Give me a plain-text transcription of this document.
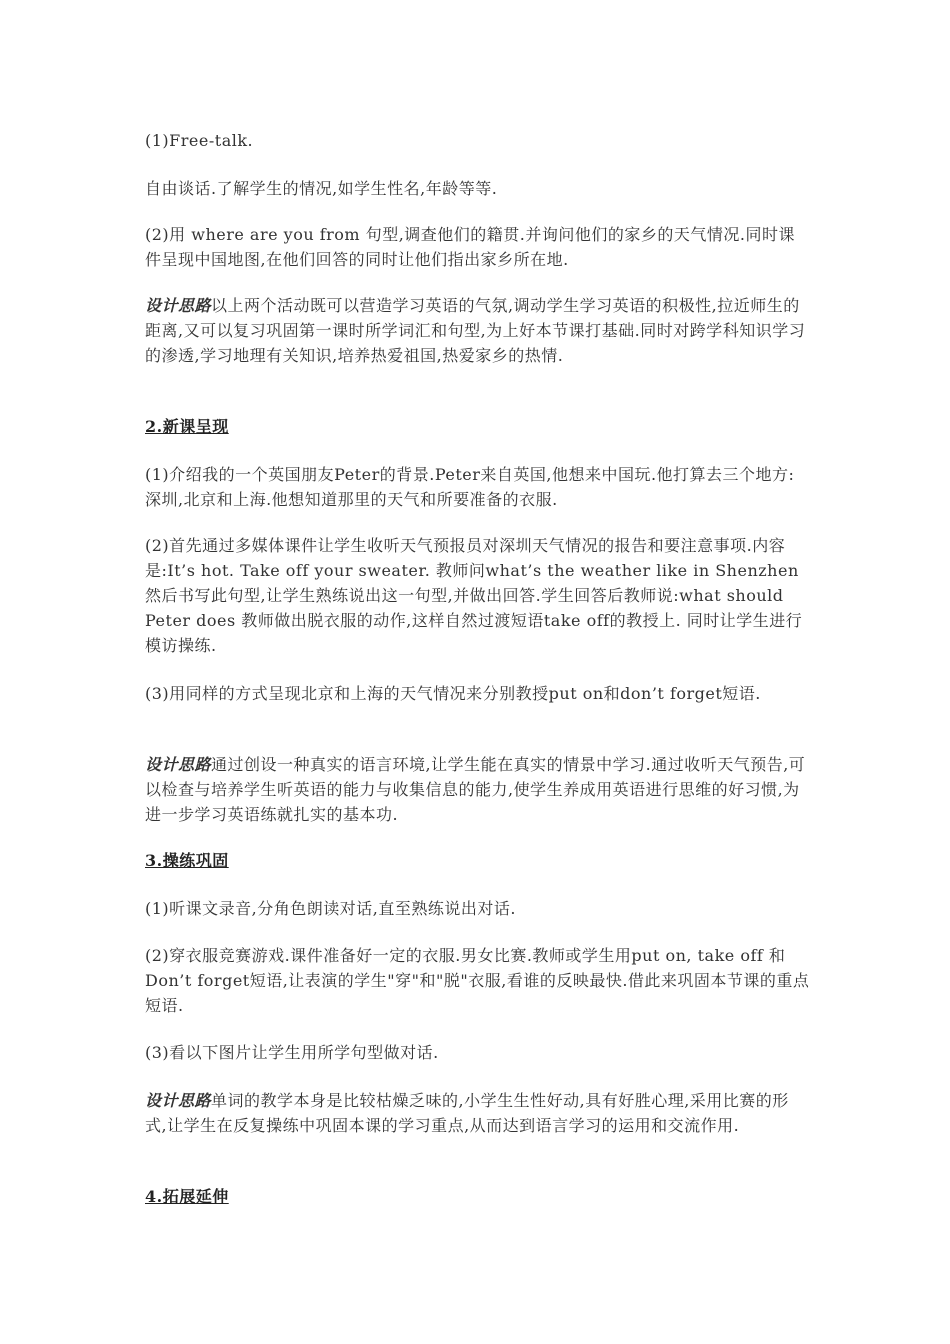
(1)Free-talk.

自由谈话.了解学生的情况,如学生性名,年龄等等.

(2)用 where are you from 句型,调查他们的籍贯.并询问他们的家乡的天气情况.同时课件呈现中国地图,在他们回答的同时让他们指出家乡所在地.

设计思路以上两个活动既可以营造学习英语的气氛,调动学生学习英语的积极性,拉近师生的距离,又可以复习巩固第一课时所学词汇和句型,为上好本节课打基础.同时对跨学科知识学习的渗透,学习地理有关知识,培养热爱祖国,热爱家乡的热情.

2.新课呈现

(1)介绍我的一个英国朋友Peter的背景.Peter来自英国,他想来中国玩.他打算去三个地方:深圳,北京和上海.他想知道那里的天气和所要准备的衣服.

(2)首先通过多媒体课件让学生收听天气预报员对深圳天气情况的报告和要注意事项.内容是:It’s hot. Take off your sweater. 教师问what’s the weather like in Shenzhen 然后书写此句型,让学生熟练说出这一句型,并做出回答.学生回答后教师说:what should Peter does 教师做出脱衣服的动作,这样自然过渡短语take off的教授上. 同时让学生进行模访操练.

(3)用同样的方式呈现北京和上海的天气情况来分别教授put on和don’t forget短语.

设计思路通过创设一种真实的语言环境,让学生能在真实的情景中学习.通过收听天气预告,可以检查与培养学生听英语的能力与收集信息的能力,使学生养成用英语进行思维的好习惯,为进一步学习英语练就扎实的基本功.

3.操练巩固

(1)听课文录音,分角色朗读对话,直至熟练说出对话.

(2)穿衣服竞赛游戏.课件准备好一定的衣服.男女比赛.教师或学生用put on, take off 和Don’t forget短语,让表演的学生"穿"和"脱"衣服,看谁的反映最快.借此来巩固本节课的重点短语.

(3)看以下图片让学生用所学句型做对话.

设计思路单词的教学本身是比较枯燥乏味的,小学生生性好动,具有好胜心理,采用比赛的形式,让学生在反复操练中巩固本课的学习重点,从而达到语言学习的运用和交流作用.

4.拓展延伸
